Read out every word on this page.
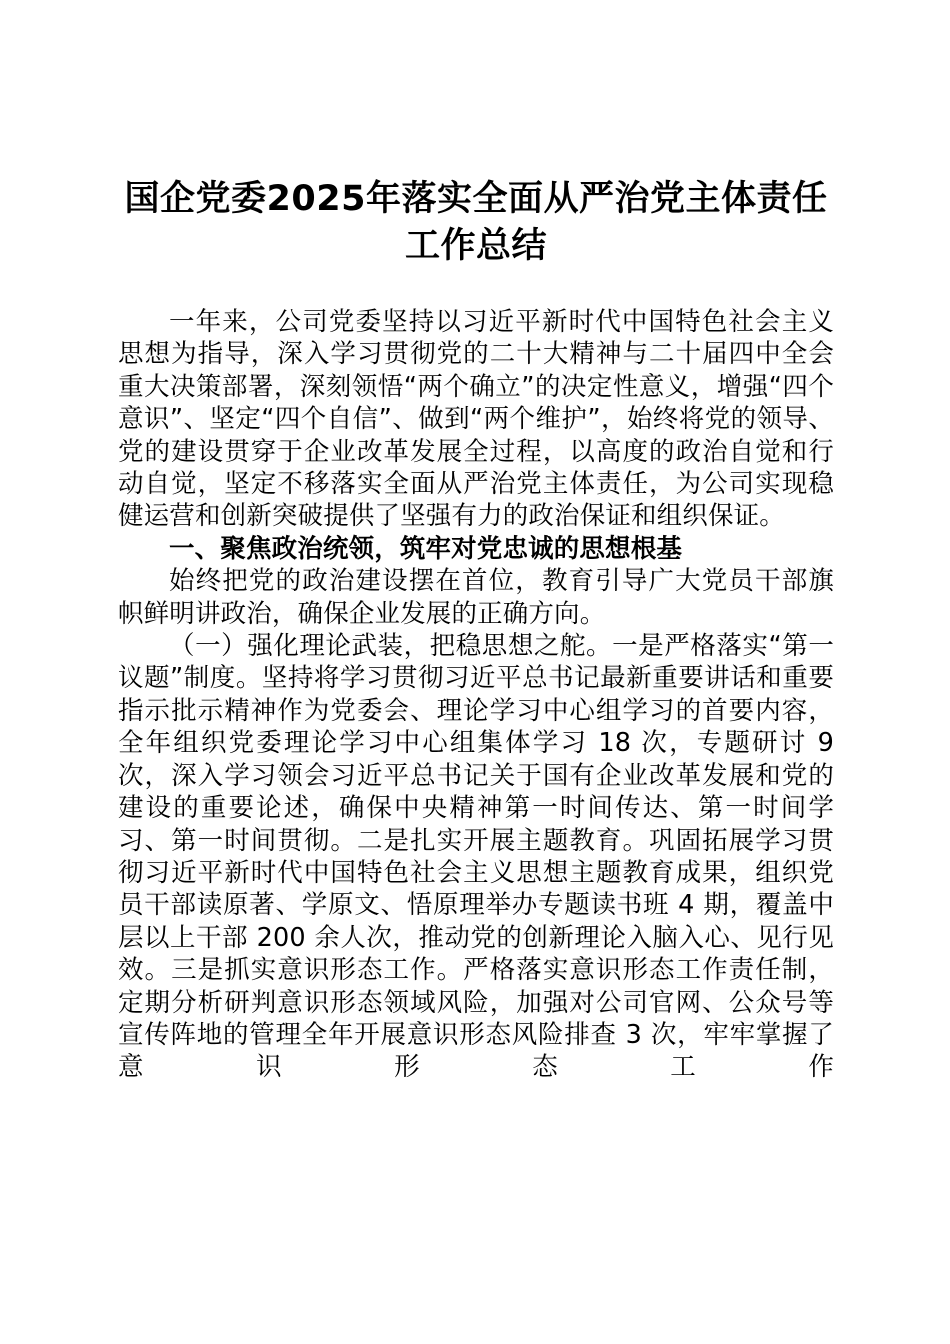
国企党委2025年落实全面从严治党主体责任工作总结

一年来，公司党委坚持以习近平新时代中国特色社会主义思想为指导，深入学习贯彻党的二十大精神与二十届四中全会重大决策部署，深刻领悟“两个确立”的决定性意义，增强“四个意识”、坚定“四个自信”、做到“两个维护”，始终将党的领导、党的建设贯穿于企业改革发展全过程，以高度的政治自觉和行动自觉，坚定不移落实全面从严治党主体责任，为公司实现稳健运营和创新突破提供了坚强有力的政治保证和组织保证。

一、聚焦政治统领，筑牢对党忠诚的思想根基

始终把党的政治建设摆在首位，教育引导广大党员干部旗帜鲜明讲政治，确保企业发展的正确方向。

（一）强化理论武装，把稳思想之舵。一是严格落实“第一议题”制度。坚持将学习贯彻习近平总书记最新重要讲话和重要指示批示精神作为党委会、理论学习中心组学习的首要内容，全年组织党委理论学习中心组集体学习 18 次，专题研讨 9 次，深入学习领会习近平总书记关于国有企业改革发展和党的建设的重要论述，确保中央精神第一时间传达、第一时间学习、第一时间贯彻。二是扎实开展主题教育。巩固拓展学习贯彻习近平新时代中国特色社会主义思想主题教育成果，组织党员干部读原著、学原文、悟原理举办专题读书班 4 期，覆盖中层以上干部 200 余人次，推动党的创新理论入脑入心、见行见效。三是抓实意识形态工作。严格落实意识形态工作责任制，定期分析研判意识形态领域风险，加强对公司官网、公众号等宣传阵地的管理全年开展意识形态风险排查 3 次，牢牢掌握了意识形态工作
